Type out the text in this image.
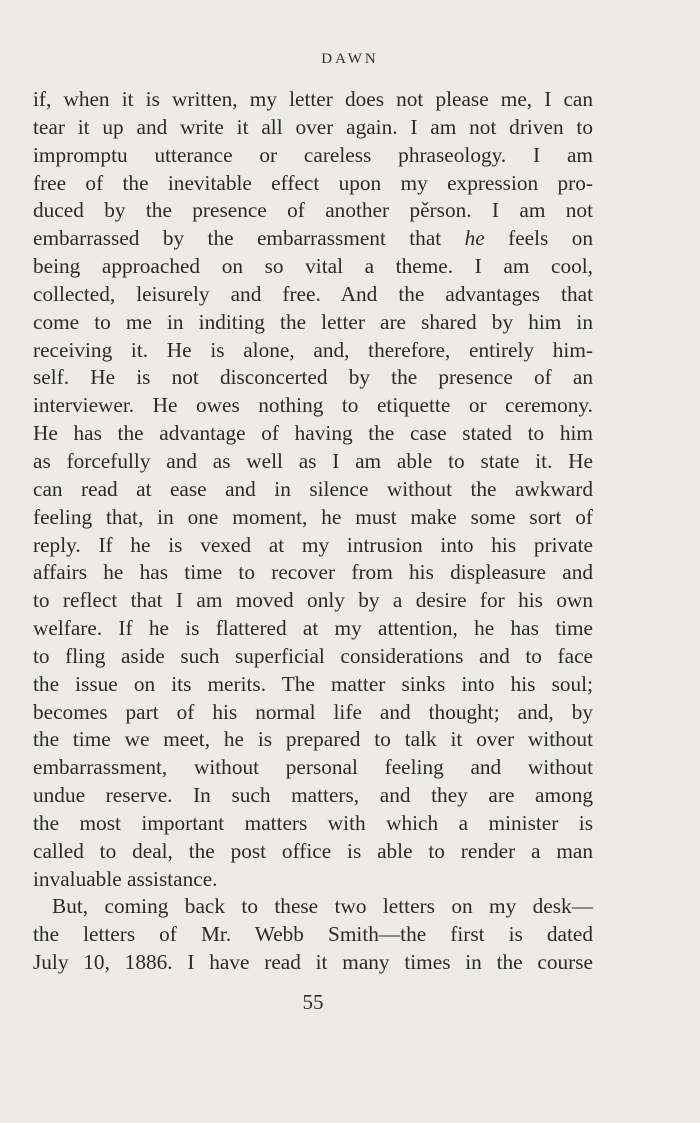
DAWN
if, when it is written, my letter does not please me, I can
tear it up and write it all over again. I am not driven to
impromptu utterance or careless phraseology. I am
free of the inevitable effect upon my expression pro-
duced by the presence of another pěrson. I am not
embarrassed by the embarrassment that he feels on
being approached on so vital a theme. I am cool,
collected, leisurely and free. And the advantages that
come to me in inditing the letter are shared by him in
receiving it. He is alone, and, therefore, entirely him-
self. He is not disconcerted by the presence of an
interviewer. He owes nothing to etiquette or ceremony.
He has the advantage of having the case stated to him
as forcefully and as well as I am able to state it. He
can read at ease and in silence without the awkward
feeling that, in one moment, he must make some sort of
reply. If he is vexed at my intrusion into his private
affairs he has time to recover from his displeasure and
to reflect that I am moved only by a desire for his own
welfare. If he is flattered at my attention, he has time
to fling aside such superficial considerations and to face
the issue on its merits. The matter sinks into his soul;
becomes part of his normal life and thought; and, by
the time we meet, he is prepared to talk it over without
embarrassment, without personal feeling and without
undue reserve. In such matters, and they are among
the most important matters with which a minister is
called to deal, the post office is able to render a man
invaluable assistance.
But, coming back to these two letters on my desk—
the letters of Mr. Webb Smith—the first is dated
July 10, 1886. I have read it many times in the course
55
